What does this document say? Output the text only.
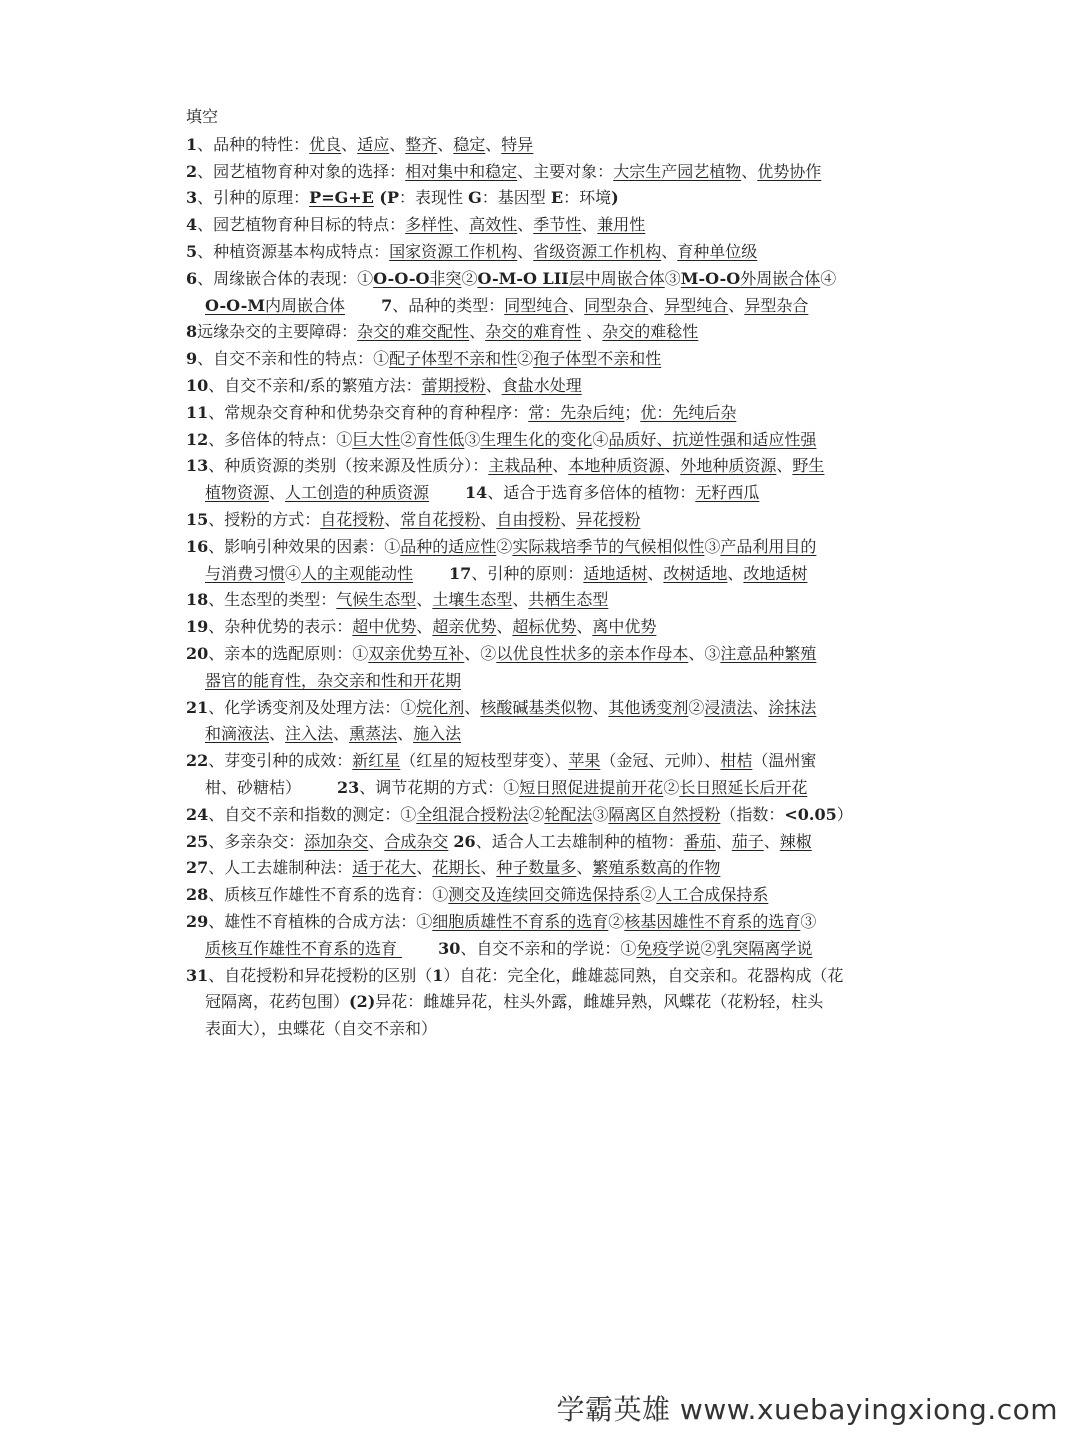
填空
1、品种的特性：优良、适应、整齐、稳定、特异
2、园艺植物育种对象的选择：相对集中和稳定、主要对象：大宗生产园艺植物、优势协作
3、引种的原理：P=G+E (P：表现性 G：基因型 E：环境)
4、园艺植物育种目标的特点：多样性、高效性、季节性、兼用性
5、种植资源基本构成特点：国家资源工作机构、省级资源工作机构、育种单位级
6、周缘嵌合体的表现：①O-O-O非突②O-M-O LII层中周嵌合体③M-O-O外周嵌合体④
O-O-M内周嵌合体 7、品种的类型：同型纯合、同型杂合、异型纯合、异型杂合
8远缘杂交的主要障碍：杂交的难交配性、杂交的难育性 、杂交的难稔性
9、自交不亲和性的特点：①配子体型不亲和性②孢子体型不亲和性
10、自交不亲和/系的繁殖方法：蕾期授粉、食盐水处理
11、常规杂交育种和优势杂交育种的育种程序：常：先杂后纯；优：先纯后杂
12、多倍体的特点：①巨大性②育性低③生理生化的变化④品质好、抗逆性强和适应性强
13、种质资源的类别（按来源及性质分）：主栽品种、本地种质资源、外地种质资源、野生
植物资源、人工创造的种质资源 14、适合于选育多倍体的植物：无籽西瓜
15、授粉的方式：自花授粉、常自花授粉、自由授粉、异花授粉
16、影响引种效果的因素：①品种的适应性②实际栽培季节的气候相似性③产品利用目的
与消费习惯④人的主观能动性 17、引种的原则：适地适树、改树适地、改地适树
18、生态型的类型：气候生态型、土壤生态型、共栖生态型
19、杂种优势的表示：超中优势、超亲优势、超标优势、离中优势
20、亲本的选配原则：①双亲优势互补、②以优良性状多的亲本作母本、③注意品种繁殖
器官的能育性，杂交亲和性和开花期
21、化学诱变剂及处理方法：①烷化剂、核酸碱基类似物、其他诱变剂②浸渍法、涂抹法
和滴液法、注入法、熏蒸法、施入法
22、芽变引种的成效：新红星（红星的短枝型芽变）、苹果（金冠、元帅）、柑桔（温州蜜
柑、砂糖桔） 23、调节花期的方式：①短日照促进提前开花②长日照延长后开花
24、自交不亲和指数的测定：①全组混合授粉法②轮配法③隔离区自然授粉（指数：<0.05）
25、多亲杂交：添加杂交、合成杂交 26、适合人工去雄制种的植物：番茄、茄子、辣椒
27、人工去雄制种法：适于花大、花期长、种子数量多、繁殖系数高的作物
28、质核互作雄性不育系的选育：①测交及连续回交筛选保持系②人工合成保持系
29、雄性不育植株的合成方法：①细胞质雄性不育系的选育②核基因雄性不育系的选育③
质核互作雄性不育系的选育 30、自交不亲和的学说：①免疫学说②乳突隔离学说
31、自花授粉和异花授粉的区别（1）自花：完全化，雌雄蕊同熟，自交亲和。花器构成（花
冠隔离，花药包围）(2)异花：雌雄异花，柱头外露，雌雄异熟，风蝶花（花粉轻，柱头
表面大），虫蝶花（自交不亲和）
学霸英雄 www.xuebayingxiong.com
